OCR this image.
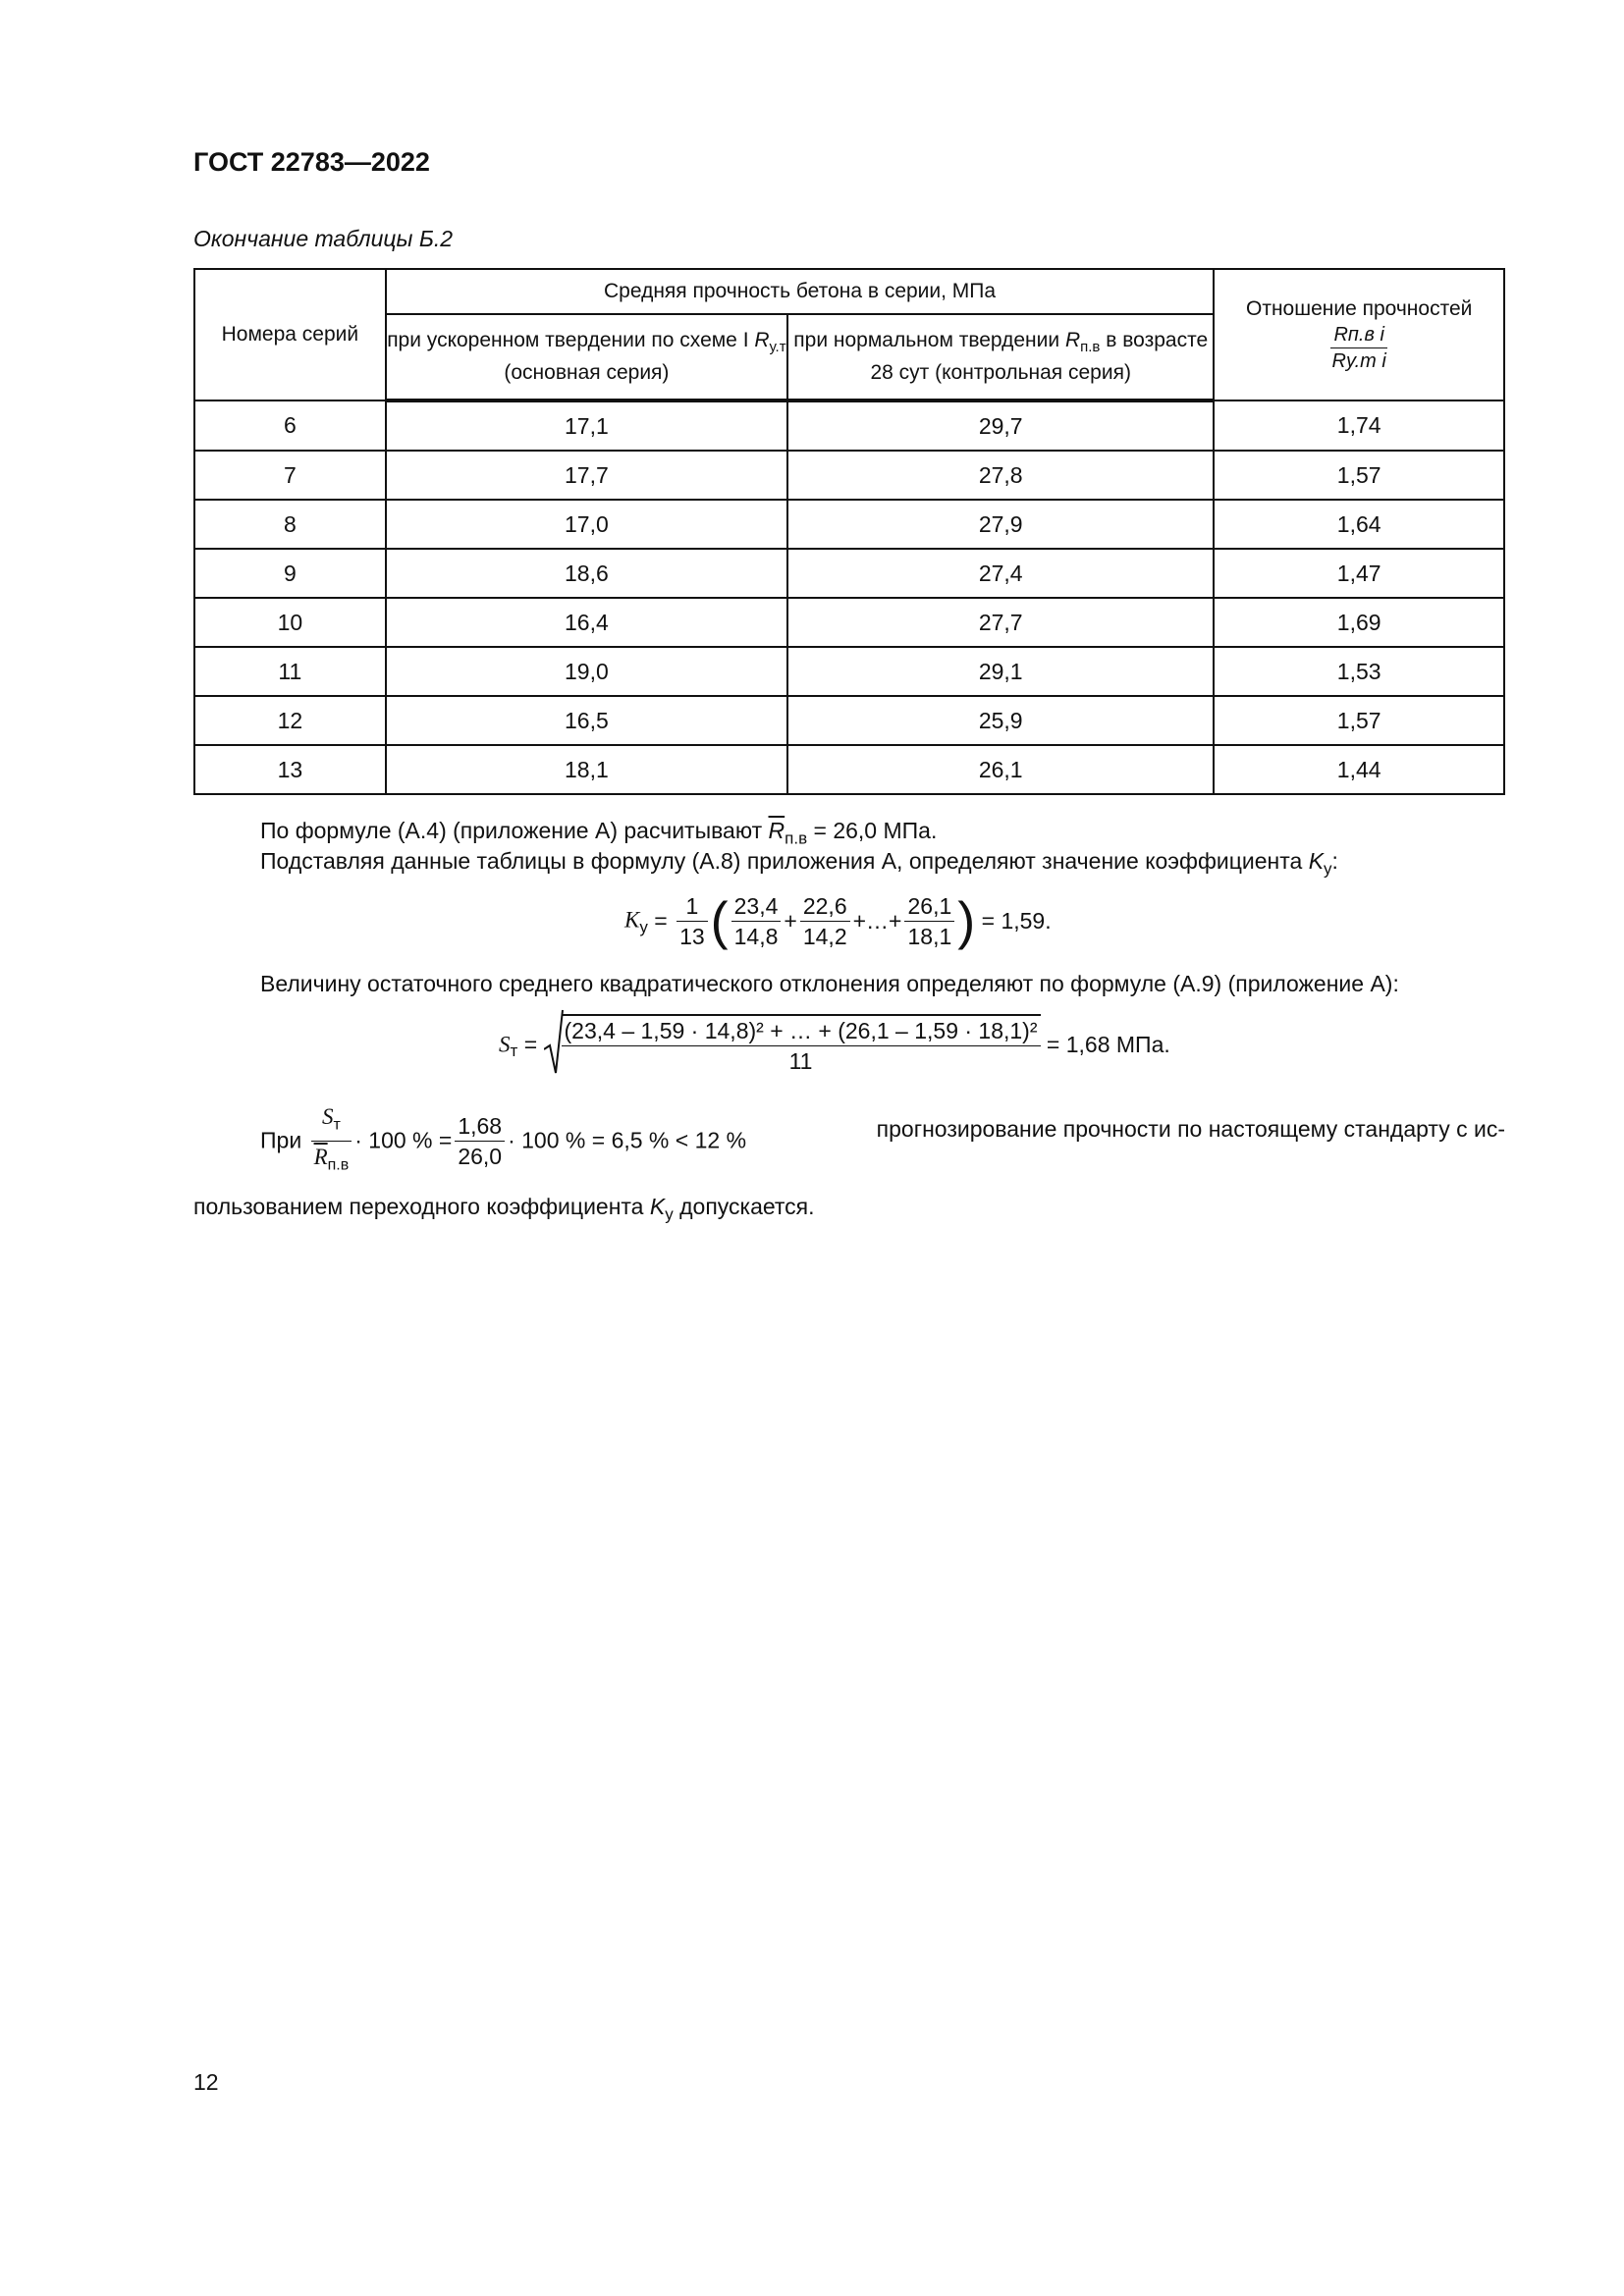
ГОСТ 22783—2022
Окончание таблицы Б.2
Номера серий	Средняя прочность бетона в серии, МПа		Отношение прочностей

$\frac{\text{Rп.в i}}{\text{Rу.т i}}$

	при ускоренном твердении по схеме I $R_{у.т}$ (основная серия)	при нормальном твердении $R_{п.в}$ в возрасте 28 сут (контрольная серия)	
6	17,1	29,7	1,74
7	17,7	27,8	1,57
8	17,0	27,9	1,64
9	18,6	27,4	1,47
10	16,4	27,7	1,69
11	19,0	29,1	1,53
12	16,5	25,9	1,57
13	18,1	26,1	1,44
По формуле (А.4) (приложение А) расчитывают $\overline{R}_{п.в} = 26,0$ МПа.
Подставляя данные таблицы в формулу (А.8) приложения А, определяют значение коэффициента $K_у$:
$K_у = \frac{1}{13}$ ( $\frac{23,4}{14,8} + \frac{22,6}{14,2}$ +…+ $\frac{26,1}{18,1}$ ) = 1,59.
Величину остаточного среднего квадратического отклонения определяют по формуле (А.9) (приложение А):
$S_т = \frac{\text{(23,4 – 1,59 · 14,8)² + … + (26,1 – 1,59 · 18,1)²}}{11} = 1,68$ МПа.
При
$S_т$
$\overline{R}_{п.в}$
· 100 % = $\frac{1,68}{26,0} \cdot 100$ % = 6,5 % < 12 %	прогнозирование прочности по настоящему стандарту с ис-
пользованием переходного коэффициента $K_у$ допускается.
12
